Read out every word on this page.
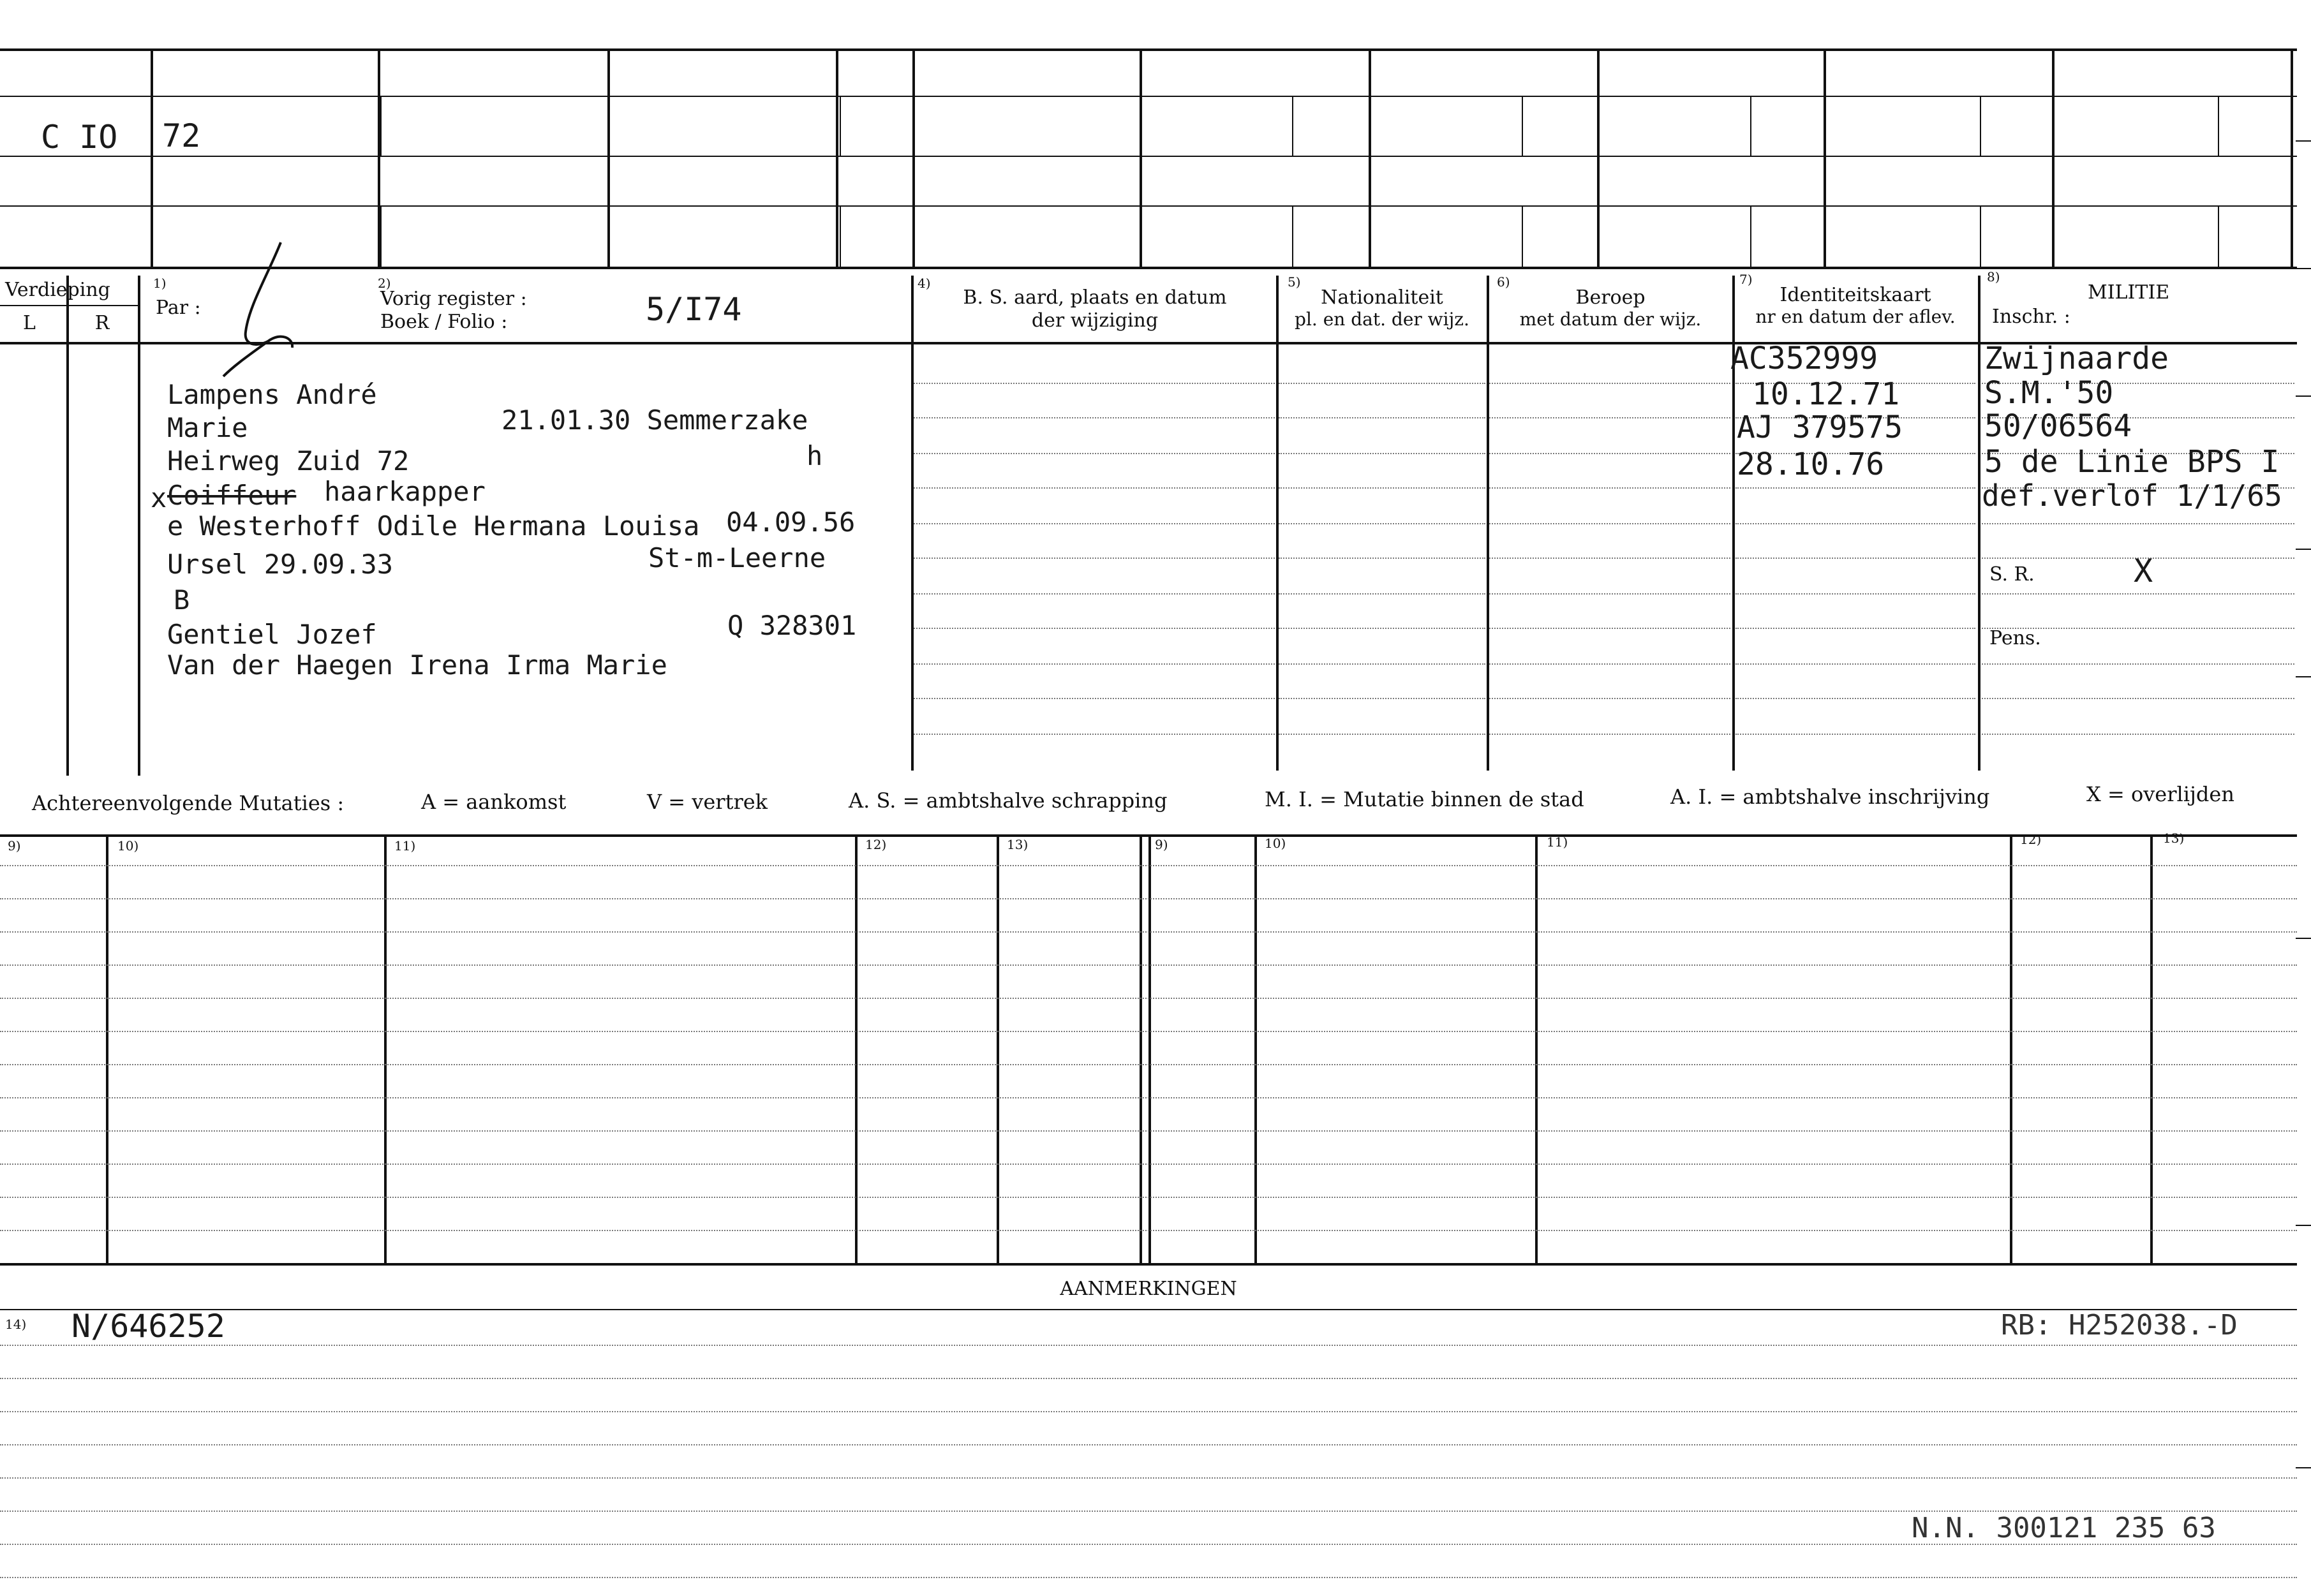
C IO 72
Verdieping
L	R
1)
Par :
2)
Vorig register :
Boek / Folio :	5/I74
4)
B. S. aard, plaats en datum
der wijziging
5)
Nationaliteit
pl. en dat. der wijz.
6)
Beroep
met datum der wijz.
7)
Identiteitskaart
nr en datum der aflev.
8)
MILITIE
Inschr. :
Lampens André
Marie	21.01.30 Semmerzake
Heirweg Zuid 72	h
x Coiffeur haarkapper
e Westerhoff Odile Hermana Louisa 04.09.56
Ursel 29.09.33	St-m-Leerne
B
Gentiel Jozef	Q 328301
Van der Haegen Irena Irma Marie
AC352999
10.12.71
AJ 379575
28.10.76
Zwijnaarde
S.M.'50
50/06564
5 de Linie BPS I
def.verlof 1/1/65
S. R.	X
Pens.
Achtereenvolgende Mutaties :	A = aankomst	V = vertrek	A. S. = ambtshalve schrapping	M. I. = Mutatie binnen de stad	A. I. = ambtshalve inschrijving	X = overlijden
9)	10)	11)	12)	13)	9)	10)	11)	12)	13)
AANMERKINGEN
14) N/646252	RB: H252038.-D
N.N. 300121 235 63
